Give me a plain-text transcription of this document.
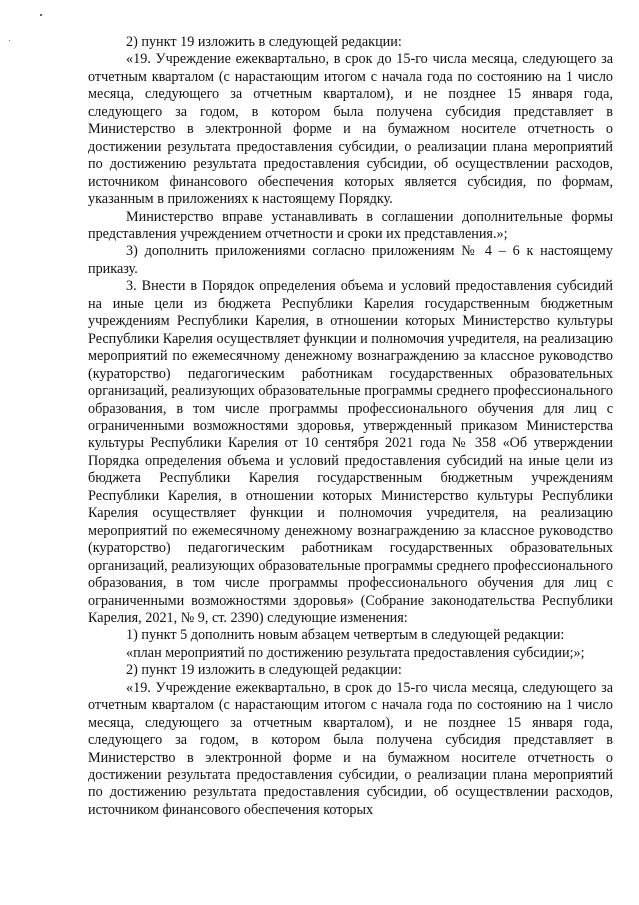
2) пункт 19 изложить в следующей редакции:

«19. Учреждение ежеквартально, в срок до 15-го числа месяца, следующего за отчетным кварталом (с нарастающим итогом с начала года по состоянию на 1 число месяца, следующего за отчетным кварталом), и не позднее 15 января года, следующего за годом, в котором была получена субсидия представляет в Министерство в электронной форме и на бумажном носителе отчетность о достижении результата предоставления субсидии, о реализации плана мероприятий по достижению результата предоставления субсидии, об осуществлении расходов, источником финансового обеспечения которых является субсидия, по формам, указанным в приложениях к настоящему Порядку.

Министерство вправе устанавливать в соглашении дополнительные формы представления учреждением отчетности и сроки их представления.»;

3) дополнить приложениями согласно приложениям № 4 – 6 к настоящему приказу.

3. Внести в Порядок определения объема и условий предоставления субсидий на иные цели из бюджета Республики Карелия государственным бюджетным учреждениям Республики Карелия, в отношении которых Министерство культуры Республики Карелия осуществляет функции и полномочия учредителя, на реализацию мероприятий по ежемесячному денежному вознаграждению за классное руководство (кураторство) педагогическим работникам государственных образовательных организаций, реализующих образовательные программы среднего профессионального образования, в том числе программы профессионального обучения для лиц с ограниченными возможностями здоровья, утвержденный приказом Министерства культуры Республики Карелия от 10 сентября 2021 года № 358 «Об утверждении Порядка определения объема и условий предоставления субсидий на иные цели из бюджета Республики Карелия государственным бюджетным учреждениям Республики Карелия, в отношении которых Министерство культуры Республики Карелия осуществляет функции и полномочия учредителя, на реализацию мероприятий по ежемесячному денежному вознаграждению за классное руководство (кураторство) педагогическим работникам государственных образовательных организаций, реализующих образовательные программы среднего профессионального образования, в том числе программы профессионального обучения для лиц с ограниченными возможностями здоровья» (Собрание законодательства Республики Карелия, 2021, № 9, ст. 2390) следующие изменения:

1) пункт 5 дополнить новым абзацем четвертым в следующей редакции:

«план мероприятий по достижению результата предоставления субсидии;»;

2) пункт 19 изложить в следующей редакции:

«19. Учреждение ежеквартально, в срок до 15-го числа месяца, следующего за отчетным кварталом (с нарастающим итогом с начала года по состоянию на 1 число месяца, следующего за отчетным кварталом), и не позднее 15 января года, следующего за годом, в котором была получена субсидия представляет в Министерство в электронной форме и на бумажном носителе отчетность о достижении результата предоставления субсидии, о реализации плана мероприятий по достижению результата предоставления субсидии, об осуществлении расходов, источником финансового обеспечения которых
